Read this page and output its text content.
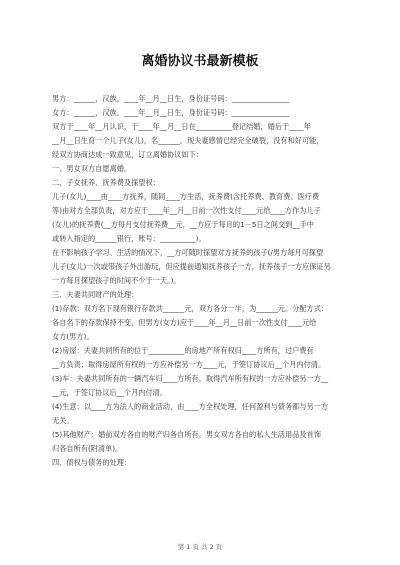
​
离婚协议书最新模板

男方：______，汉族，____年__月__日生，身份证号码：________________

女方：______，汉族，____年__月__日生，身份证号码：________________

双方于____年__月认识，于____年__月__日在__________登记结婚，婚后于____年

__月__日生育一个儿子(女儿)，名______。现夫妻感情已经完全破裂，没有和好可能，

经双方协商达成一致意见，订立离婚协议如下：

一、男女双方自愿离婚。

二、子女抚养、抚养费及探望权：

儿子(女儿)____由____方抚养，随同____方生活，抚养费(含托养费、教育费、医疗费

等)由对方全部负责，对方应于____年__月__日前一次性支付____元给____方作为儿子

(女儿)的抚养费(__方每月支付抚养费__元，__方应于每月的1－5日之间交到__手中

或转入指定的______银行，账号：__________)。

在不影响孩子学习、生活的情况下，__方可随时探望对方抚养的孩子(/男方每月可探望

儿子(女儿)一次或带孩子外出游玩，但应提前通知抚养孩子一方，抚养孩子一方应保证另

一方每月探望孩子的时间不少于一天。)。

三、夫妻共同财产的处理：

(1)存款：双方名下现有银行存款共______元，双方各分一半，为______元。分配方式：

各自名下的存款保持不变，但男方(女方)应于____年__月__日前一次性支付____元给

女方(男方)。

(2)房屋：夫妻共同所有的位于__________的房地产所有权归____方所有，过户费有

__方负责；取得房屋所有权的一方应补偿另一方____元，于签订协议后__个月内付清。

(3)车：夫妻共同所有的一辆汽车归____方所有，取得汽车所有权的一方应补偿另一方__

__元，于签订协议后__个月内付清。

(4)生意：以____方为法人的商业活动，由____方全权处理，任何盈利与债务都与另一方

无关。

(5)其他财产：婚前双方各自的财产归各自所有，男女双方各自的私人生活用品及首饰

归各自所有(附清单)。

四、债权与债务的处理：

第 1 页 共 2 页
